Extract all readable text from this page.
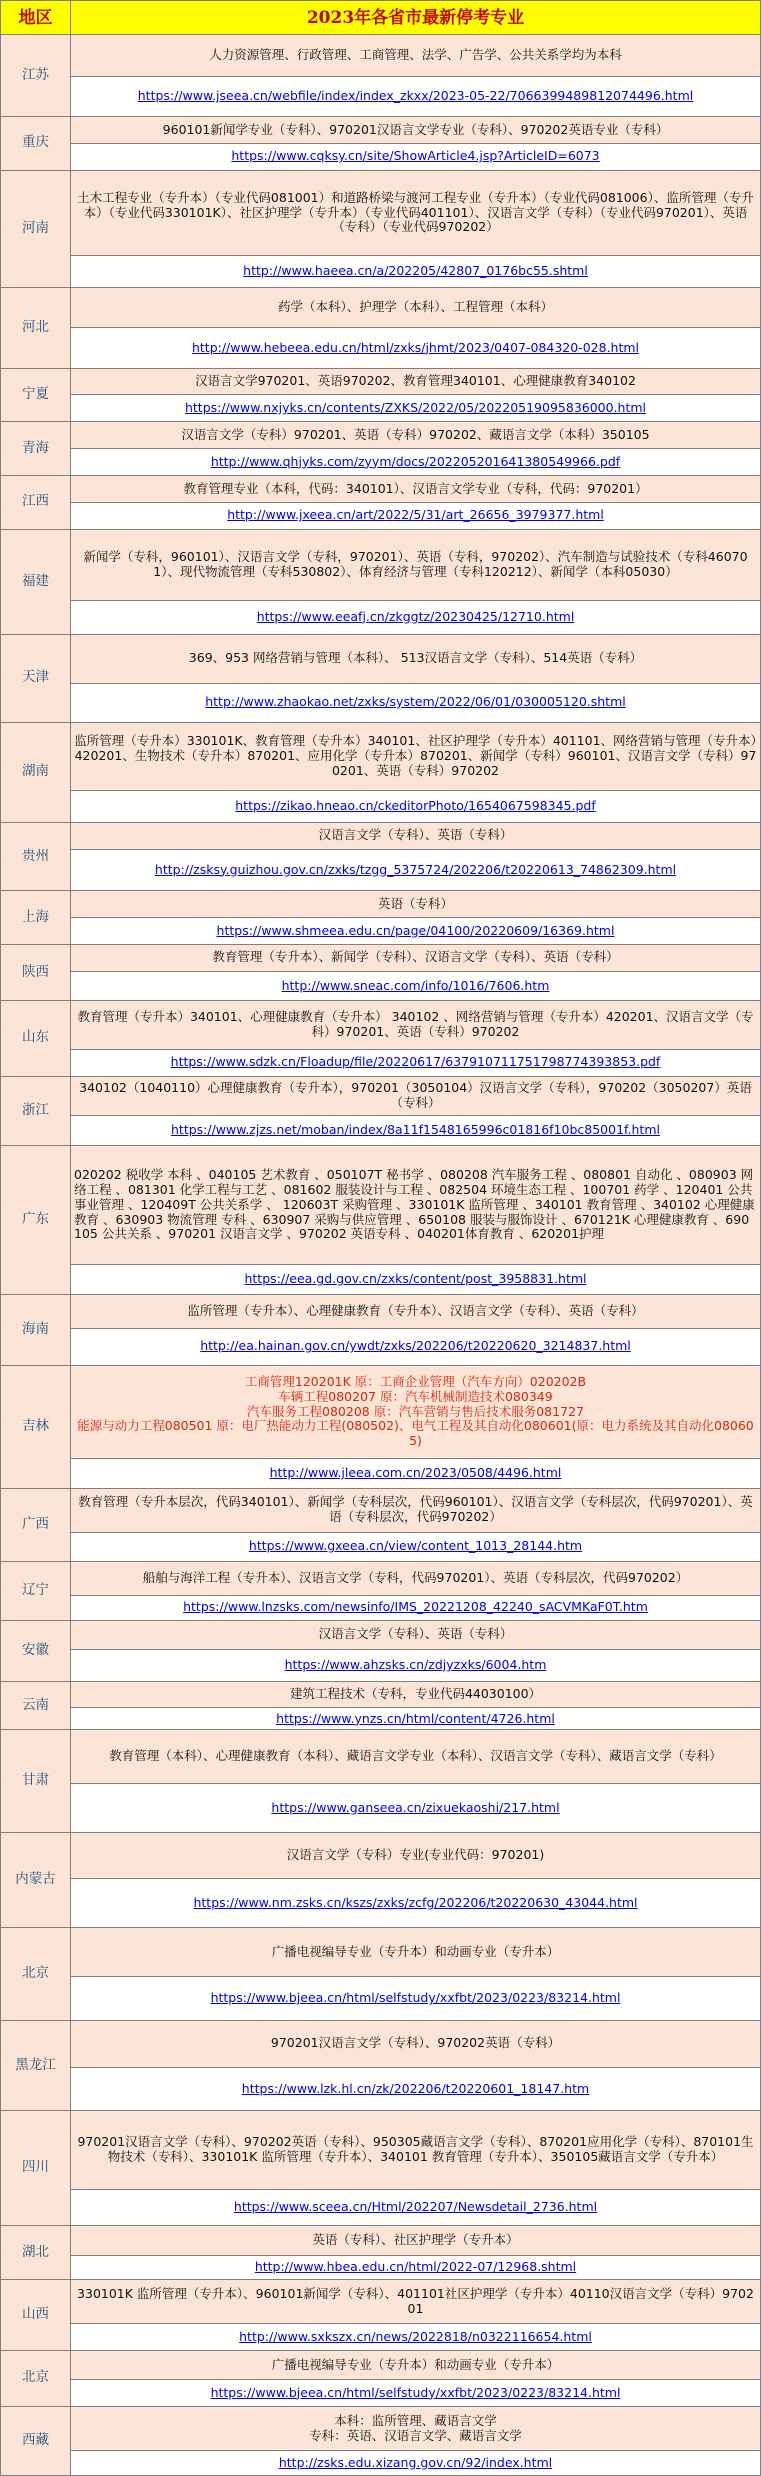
地区	2023年各省市最新停考专业
江苏	人力资源管理、行政管理、工商管理、法学、广告学、公共关系学均为本科
	https://www.jseea.cn/webfile/index/index_zkxx/2023-05-22/7066399489812074496.html
重庆	960101新闻学专业（专科）、970201汉语言文学专业（专科）、970202英语专业（专科）
	https://www.cqksy.cn/site/ShowArticle4.jsp?ArticleID=6073
河南	土木工程专业（专升本）（专业代码081001）和道路桥梁与渡河工程专业（专升本）（专业代码081006）、监所管理（专升本）（专业代码330101K）、社区护理学（专升本）（专业代码401101）、汉语言文学（专科）（专业代码970201）、英语（专科）（专业代码970202）
	http://www.haeea.cn/a/202205/42807_0176bc55.shtml
河北	药学（本科）、护理学（本科）、工程管理（本科）
	http://www.hebeea.edu.cn/html/zxks/jhmt/2023/0407-084320-028.html
宁夏	汉语言文学970201、英语970202、教育管理340101、心理健康教育340102
	https://www.nxjyks.cn/contents/ZXKS/2022/05/20220519095836000.html
青海	汉语言文学（专科）970201、英语（专科）970202、藏语言文学（本科）350105
	http://www.qhjyks.com/zyym/docs/202205201641380549966.pdf
江西	教育管理专业（本科，代码：340101）、汉语言文学专业（专科，代码：970201）
	http://www.jxeea.cn/art/2022/5/31/art_26656_3979377.html
福建	新闻学（专科，960101）、汉语言文学（专科，970201）、英语（专科，970202）、汽车制造与试验技术（专科460701）、现代物流管理（专科530802）、体育经济与管理（专科120212）、新闻学（本科05030）
	https://www.eeafj.cn/zkggtz/20230425/12710.html
天津	369、953 网络营销与管理（本科）、 513汉语言文学（专科）、514英语（专科）
	http://www.zhaokao.net/zxks/system/2022/06/01/030005120.shtml
湖南	监所管理（专升本）330101K、教育管理（专升本）340101、社区护理学（专升本）401101、网络营销与管理（专升本）420201、生物技术（专升本）870201、应用化学（专升本）870201、新闻学（专科）960101、汉语言文学（专科）970201、英语（专科）970202
	https://zikao.hneao.cn/ckeditorPhoto/1654067598345.pdf
贵州	汉语言文学（专科）、英语（专科）
	http://zsksy.guizhou.gov.cn/zxks/tzgg_5375724/202206/t20220613_74862309.html
上海	英语（专科）
	https://www.shmeea.edu.cn/page/04100/20220609/16369.html
陕西	教育管理（专升本）、新闻学（专科）、汉语言文学（专科）、英语（专科）
	http://www.sneac.com/info/1016/7606.htm
山东	教育管理（专升本）340101、心理健康教育（专升本） 340102 、网络营销与管理（专升本）420201、汉语言文学（专科）970201、英语（专科）970202
	https://www.sdzk.cn/Floadup/file/20220617/637910711751798774393853.pdf
浙江	340102（1040110）心理健康教育（专升本），970201（3050104）汉语言文学（专科），970202（3050207）英语（专科）
	https://www.zjzs.net/moban/index/8a11f1548165996c01816f10bc85001f.html
广东	020202 税收学 本科 、040105 艺术教育 、050107T 秘书学 、080208 汽车服务工程 、080801 自动化 、080903 网络工程 、081301 化学工程与工艺 、081602 服装设计与工程 、082504 环境生态工程 、100701 药学 、120401 公共事业管理 、120409T 公共关系学 、 120603T 采购管理 、330101K 监所管理 、340101 教育管理 、340102 心理健康教育 、630903 物流管理 专科 、630907 采购与供应管理 、650108 服装与服饰设计 、670121K 心理健康教育 、690105 公共关系 、970201 汉语言文学 、970202 英语专科 、040201体育教育 、620201护理
	https://eea.gd.gov.cn/zxks/content/post_3958831.html
海南	监所管理（专升本）、心理健康教育（专升本）、汉语言文学（专科）、英语（专科）
	http://ea.hainan.gov.cn/ywdt/zxks/202206/t20220620_3214837.html
吉林	工商管理120201K 原：工商企业管理（汽车方向）020202B
车辆工程080207 原：汽车机械制造技术080349
汽车服务工程080208 原：汽车营销与售后技术服务081727
能源与动力工程080501 原：电厂热能动力工程(080502)、电气工程及其自动化080601(原：电力系统及其自动化080605)

	http://www.jleea.com.cn/2023/0508/4496.html
广西	教育管理（专升本层次，代码340101）、新闻学（专科层次，代码960101）、汉语言文学（专科层次，代码970201）、英语（专科层次，代码970202）
	https://www.gxeea.cn/view/content_1013_28144.htm
辽宁	船舶与海洋工程（专升本）、汉语言文学（专科，代码970201）、英语（专科层次，代码970202）
	https://www.lnzsks.com/newsinfo/IMS_20221208_42240_sACVMKaF0T.htm
安徽	汉语言文学（专科）、英语（专科）
	https://www.ahzsks.cn/zdjyzxks/6004.htm
云南	建筑工程技术（专科，专业代码44030100）
	https://www.ynzs.cn/html/content/4726.html
甘肃	教育管理（本科）、心理健康教育（本科）、藏语言文学专业（本科）、汉语言文学（专科）、藏语言文学（专科）
	https://www.ganseea.cn/zixuekaoshi/217.html
内蒙古	汉语言文学（专科）专业(专业代码：970201)
	https://www.nm.zsks.cn/kszs/zxks/zcfg/202206/t20220630_43044.html
北京	广播电视编导专业（专升本）和动画专业（专升本）
	https://www.bjeea.cn/html/selfstudy/xxfbt/2023/0223/83214.html
黑龙江	970201汉语言文学（专科）、970202英语（专科）
	https://www.lzk.hl.cn/zk/202206/t20220601_18147.htm
四川	970201汉语言文学（专科）、970202英语（专科）、950305藏语言文学（专科）、870201应用化学（专科）、870101生物技术（专科）、330101K 监所管理（专升本）、340101 教育管理（专升本）、350105藏语言文学（专升本）
	https://www.sceea.cn/Html/202207/Newsdetail_2736.html
湖北	英语（专科）、社区护理学（专升本）
	http://www.hbea.edu.cn/html/2022-07/12968.shtml
山西	330101K 监所管理（专升本）、960101新闻学（专科）、401101社区护理学（专升本）40110汉语言文学（专科）970201
	http://www.sxkszx.cn/news/2022818/n0322116654.html
北京	广播电视编导专业（专升本）和动画专业（专升本）
	https://www.bjeea.cn/html/selfstudy/xxfbt/2023/0223/83214.html
西藏	本科：监所管理、藏语言文学
专科：英语、汉语言文学、藏语言文学

	http://zsks.edu.xizang.gov.cn/92/index.html
